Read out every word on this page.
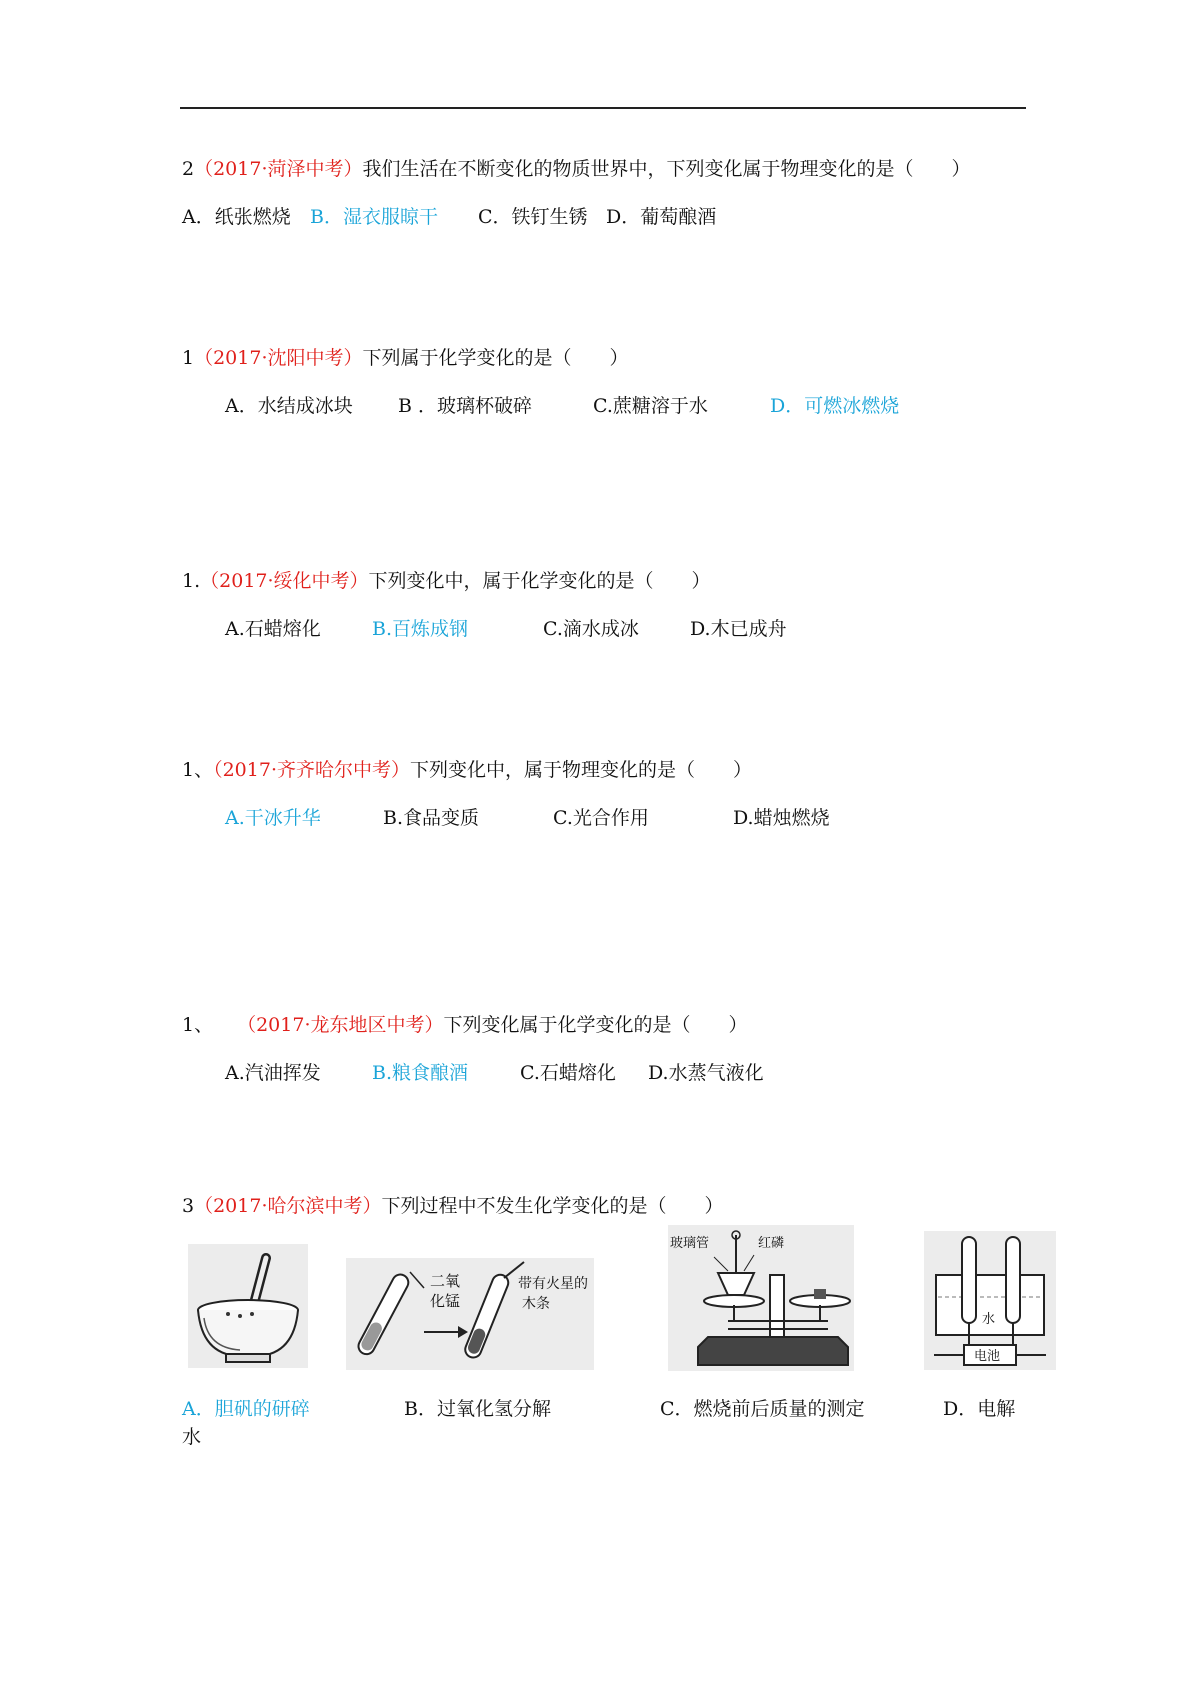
2（2017·菏泽中考）我们生活在不断变化的物质世界中，下列变化属于物理变化的是（　　）
A．纸张燃烧 B．湿衣服晾干 C．铁钉生锈 D．葡萄酿酒
1（2017·沈阳中考）下列属于化学变化的是（　　）
A．水结成冰块 B ．玻璃杯破碎	C.蔗糖溶于水	D．可燃冰燃烧
1.（2017·绥化中考）下列变化中，属于化学变化的是（　　）
A.石蜡熔化	B.百炼成钢	C.滴水成冰	D.木已成舟
1、（2017·齐齐哈尔中考）下列变化中，属于物理变化的是（　　）
A.干冰升华	B.食品变质	C.光合作用	D.蜡烛燃烧
1、 （2017·龙东地区中考）下列变化属于化学变化的是（　　）
A.汽油挥发	B.粮食酿酒	C.石蜡熔化 D.水蒸气液化
3（2017·哈尔滨中考）下列过程中不发生化学变化的是（　　）
二氧
化锰
带有火星的
木条
玻璃管	红磷
水
电池
A．胆矾的研碎	B．过氧化氢分解	C．燃烧前后质量的测定	D．电解
水
